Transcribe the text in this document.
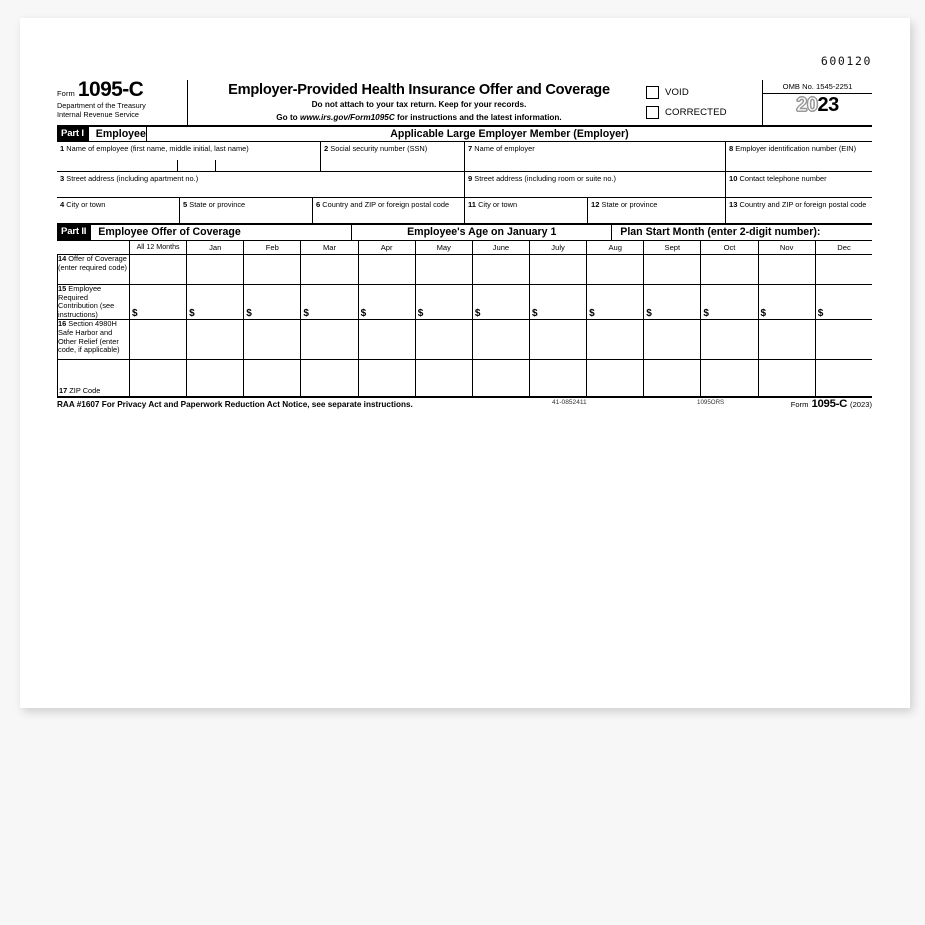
600120
Form 1095-C
Department of the Treasury
Internal Revenue Service
Employer-Provided Health Insurance Offer and Coverage
Do not attach to your tax return. Keep for your records.
Go to www.irs.gov/Form1095C for instructions and the latest information.
VOID
CORRECTED
OMB No. 1545-2251
2023
Part I	Employee	Applicable Large Employer Member (Employer)
1 Name of employee (first name, middle initial, last name)	2 Social security number (SSN)
3 Street address (including apartment no.)
4 City or town	5 State or province	6 Country and ZIP or foreign postal code
7 Name of employer	8 Employer identification number (EIN)
9 Street address (including room or suite no.)	10 Contact telephone number
11 City or town	12 State or province	13 Country and ZIP or foreign postal code
Part II	Employee Offer of Coverage	Employee's Age on January 1	Plan Start Month (enter 2-digit number):
	All 12 Months	Jan	Feb	Mar	Apr	May	June	July	Aug	Sept	Oct	Nov	Dec
14 Offer of Coverage (enter required code)													
15 Employee Required Contribution (see instructions)	$	$	$	$	$	$	$	$	$	$	$	$	$
16 Section 4980H Safe Harbor and Other Relief (enter code, if applicable)													

17 ZIP Code													

RAA #1607 For Privacy Act and Paperwork Reduction Act Notice, see separate instructions.	41-0852411	1095ORS	Form 1095-C (2023)
